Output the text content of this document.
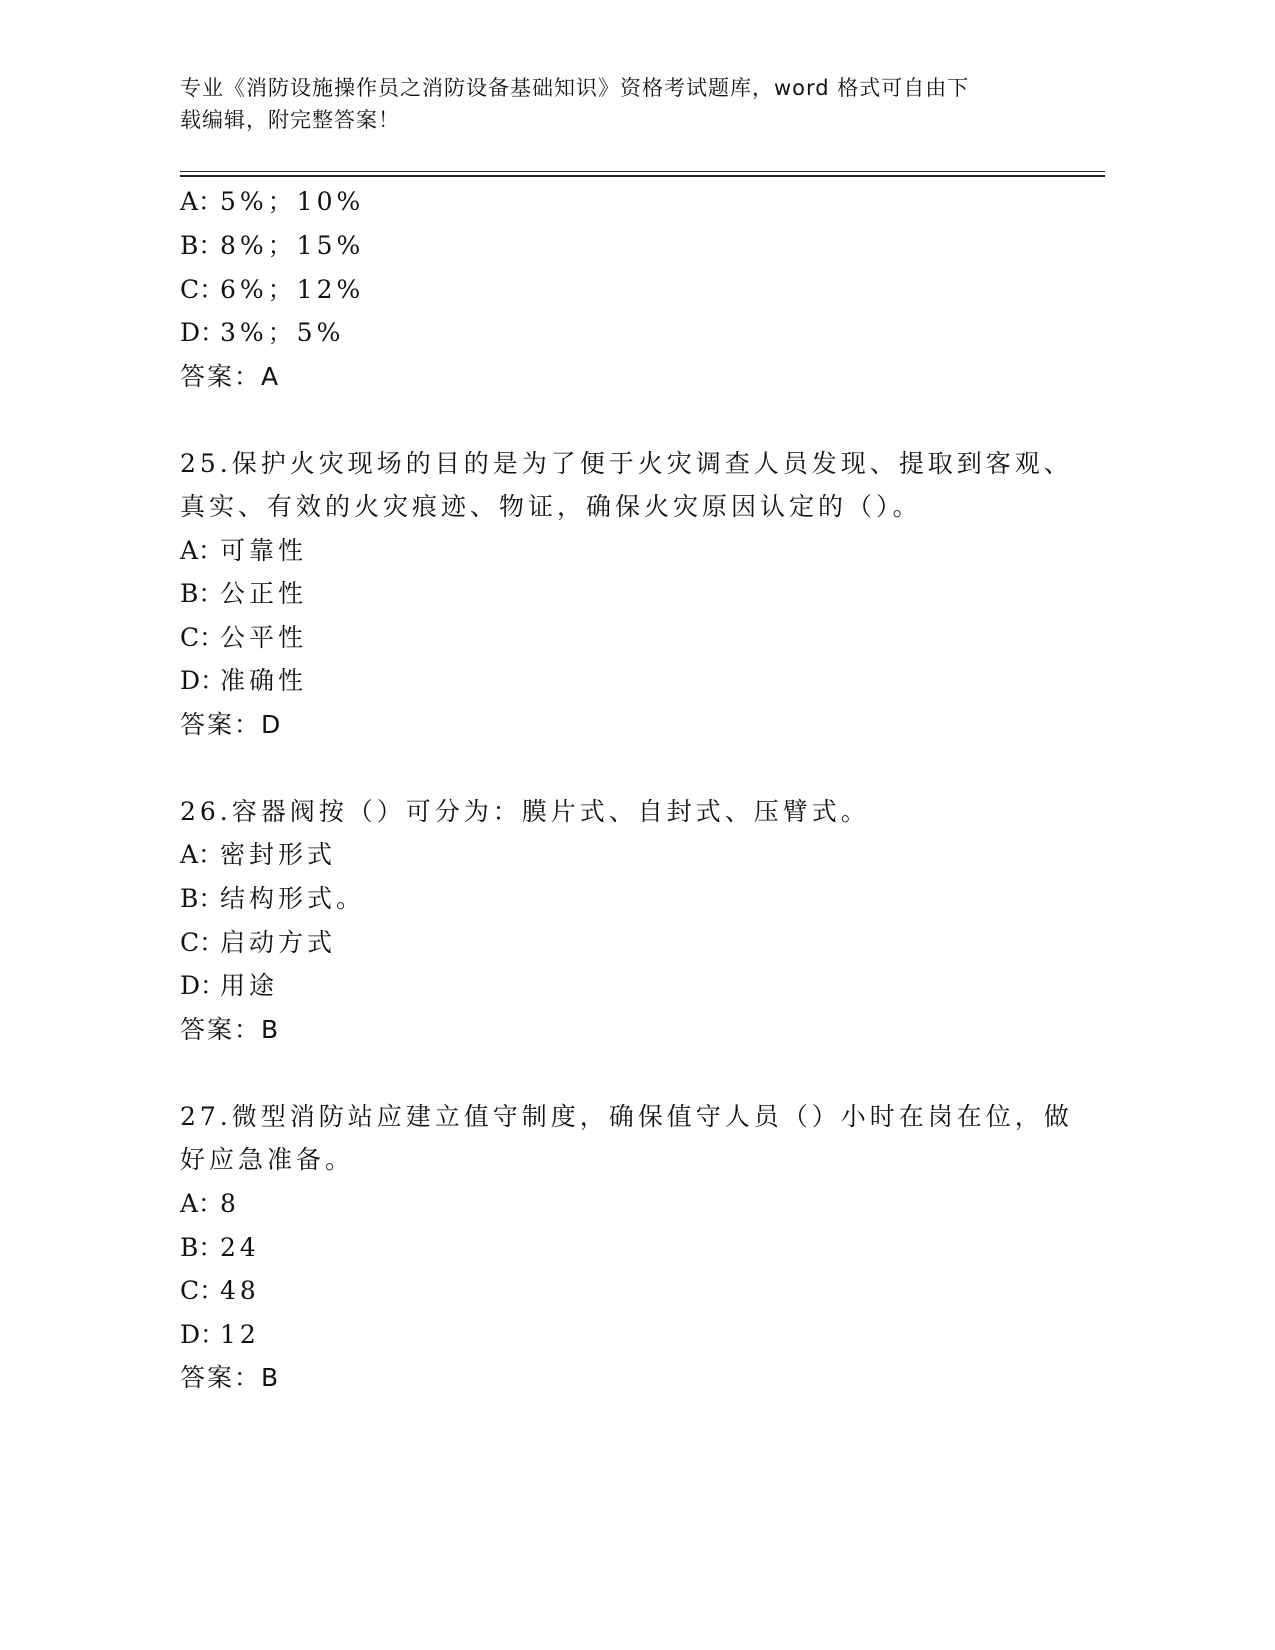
专业《消防设施操作员之消防设备基础知识》资格考试题库，word 格式可自由下
载编辑，附完整答案！
A：5%；10%
B：8%；15%
C：6%；12%
D：3%；5%
答案：A
25.保护火灾现场的目的是为了便于火灾调查人员发现、提取到客观、
真实、有效的火灾痕迹、物证，确保火灾原因认定的（）。
A：可靠性
B：公正性
C：公平性
D：准确性
答案：D
26.容器阀按（）可分为：膜片式、自封式、压臂式。
A：密封形式
B：结构形式。
C：启动方式
D：用途
答案：B
27.微型消防站应建立值守制度，确保值守人员（）小时在岗在位，做
好应急准备。
A：8
B：24
C：48
D：12
答案：B
